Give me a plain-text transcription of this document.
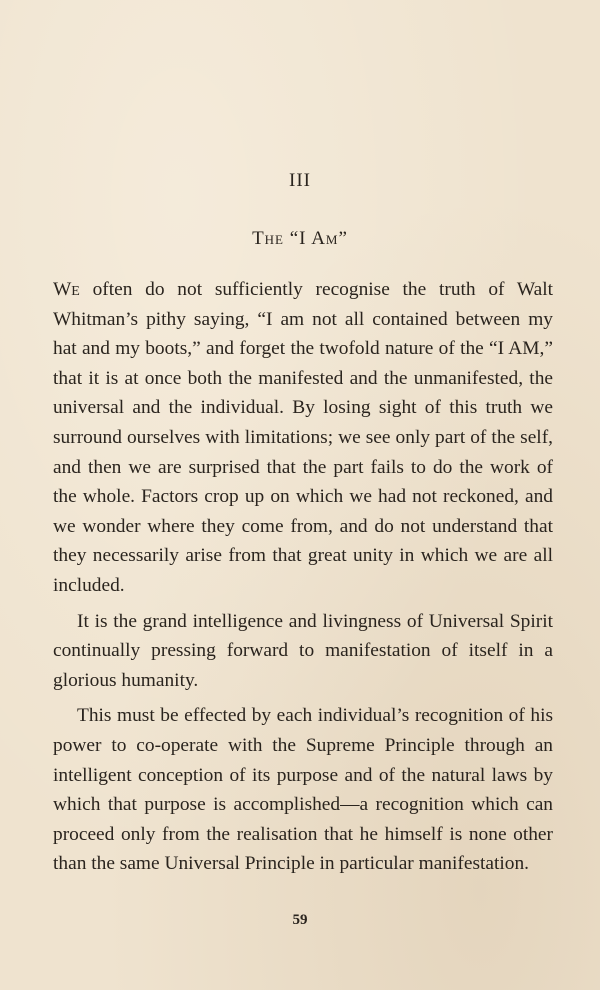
III
The “I Am”

We often do not sufficiently recognise the truth of Walt Whitman’s pithy saying, “I am not all contained between my hat and my boots,” and forget the twofold nature of the “I AM,” that it is at once both the manifested and the unmanifested, the universal and the individual. By losing sight of this truth we surround ourselves with limitations; we see only part of the self, and then we are surprised that the part fails to do the work of the whole. Factors crop up on which we had not reckoned, and we wonder where they come from, and do not understand that they necessarily arise from that great unity in which we are all included.

It is the grand intelligence and livingness of Universal Spirit continually pressing forward to manifestation of itself in a glorious humanity.

This must be effected by each individual’s recognition of his power to co-operate with the Supreme Principle through an intelligent conception of its purpose and of the natural laws by which that purpose is accomplished—a recognition which can proceed only from the realisation that he himself is none other than the same Universal Principle in particular manifestation.

59
